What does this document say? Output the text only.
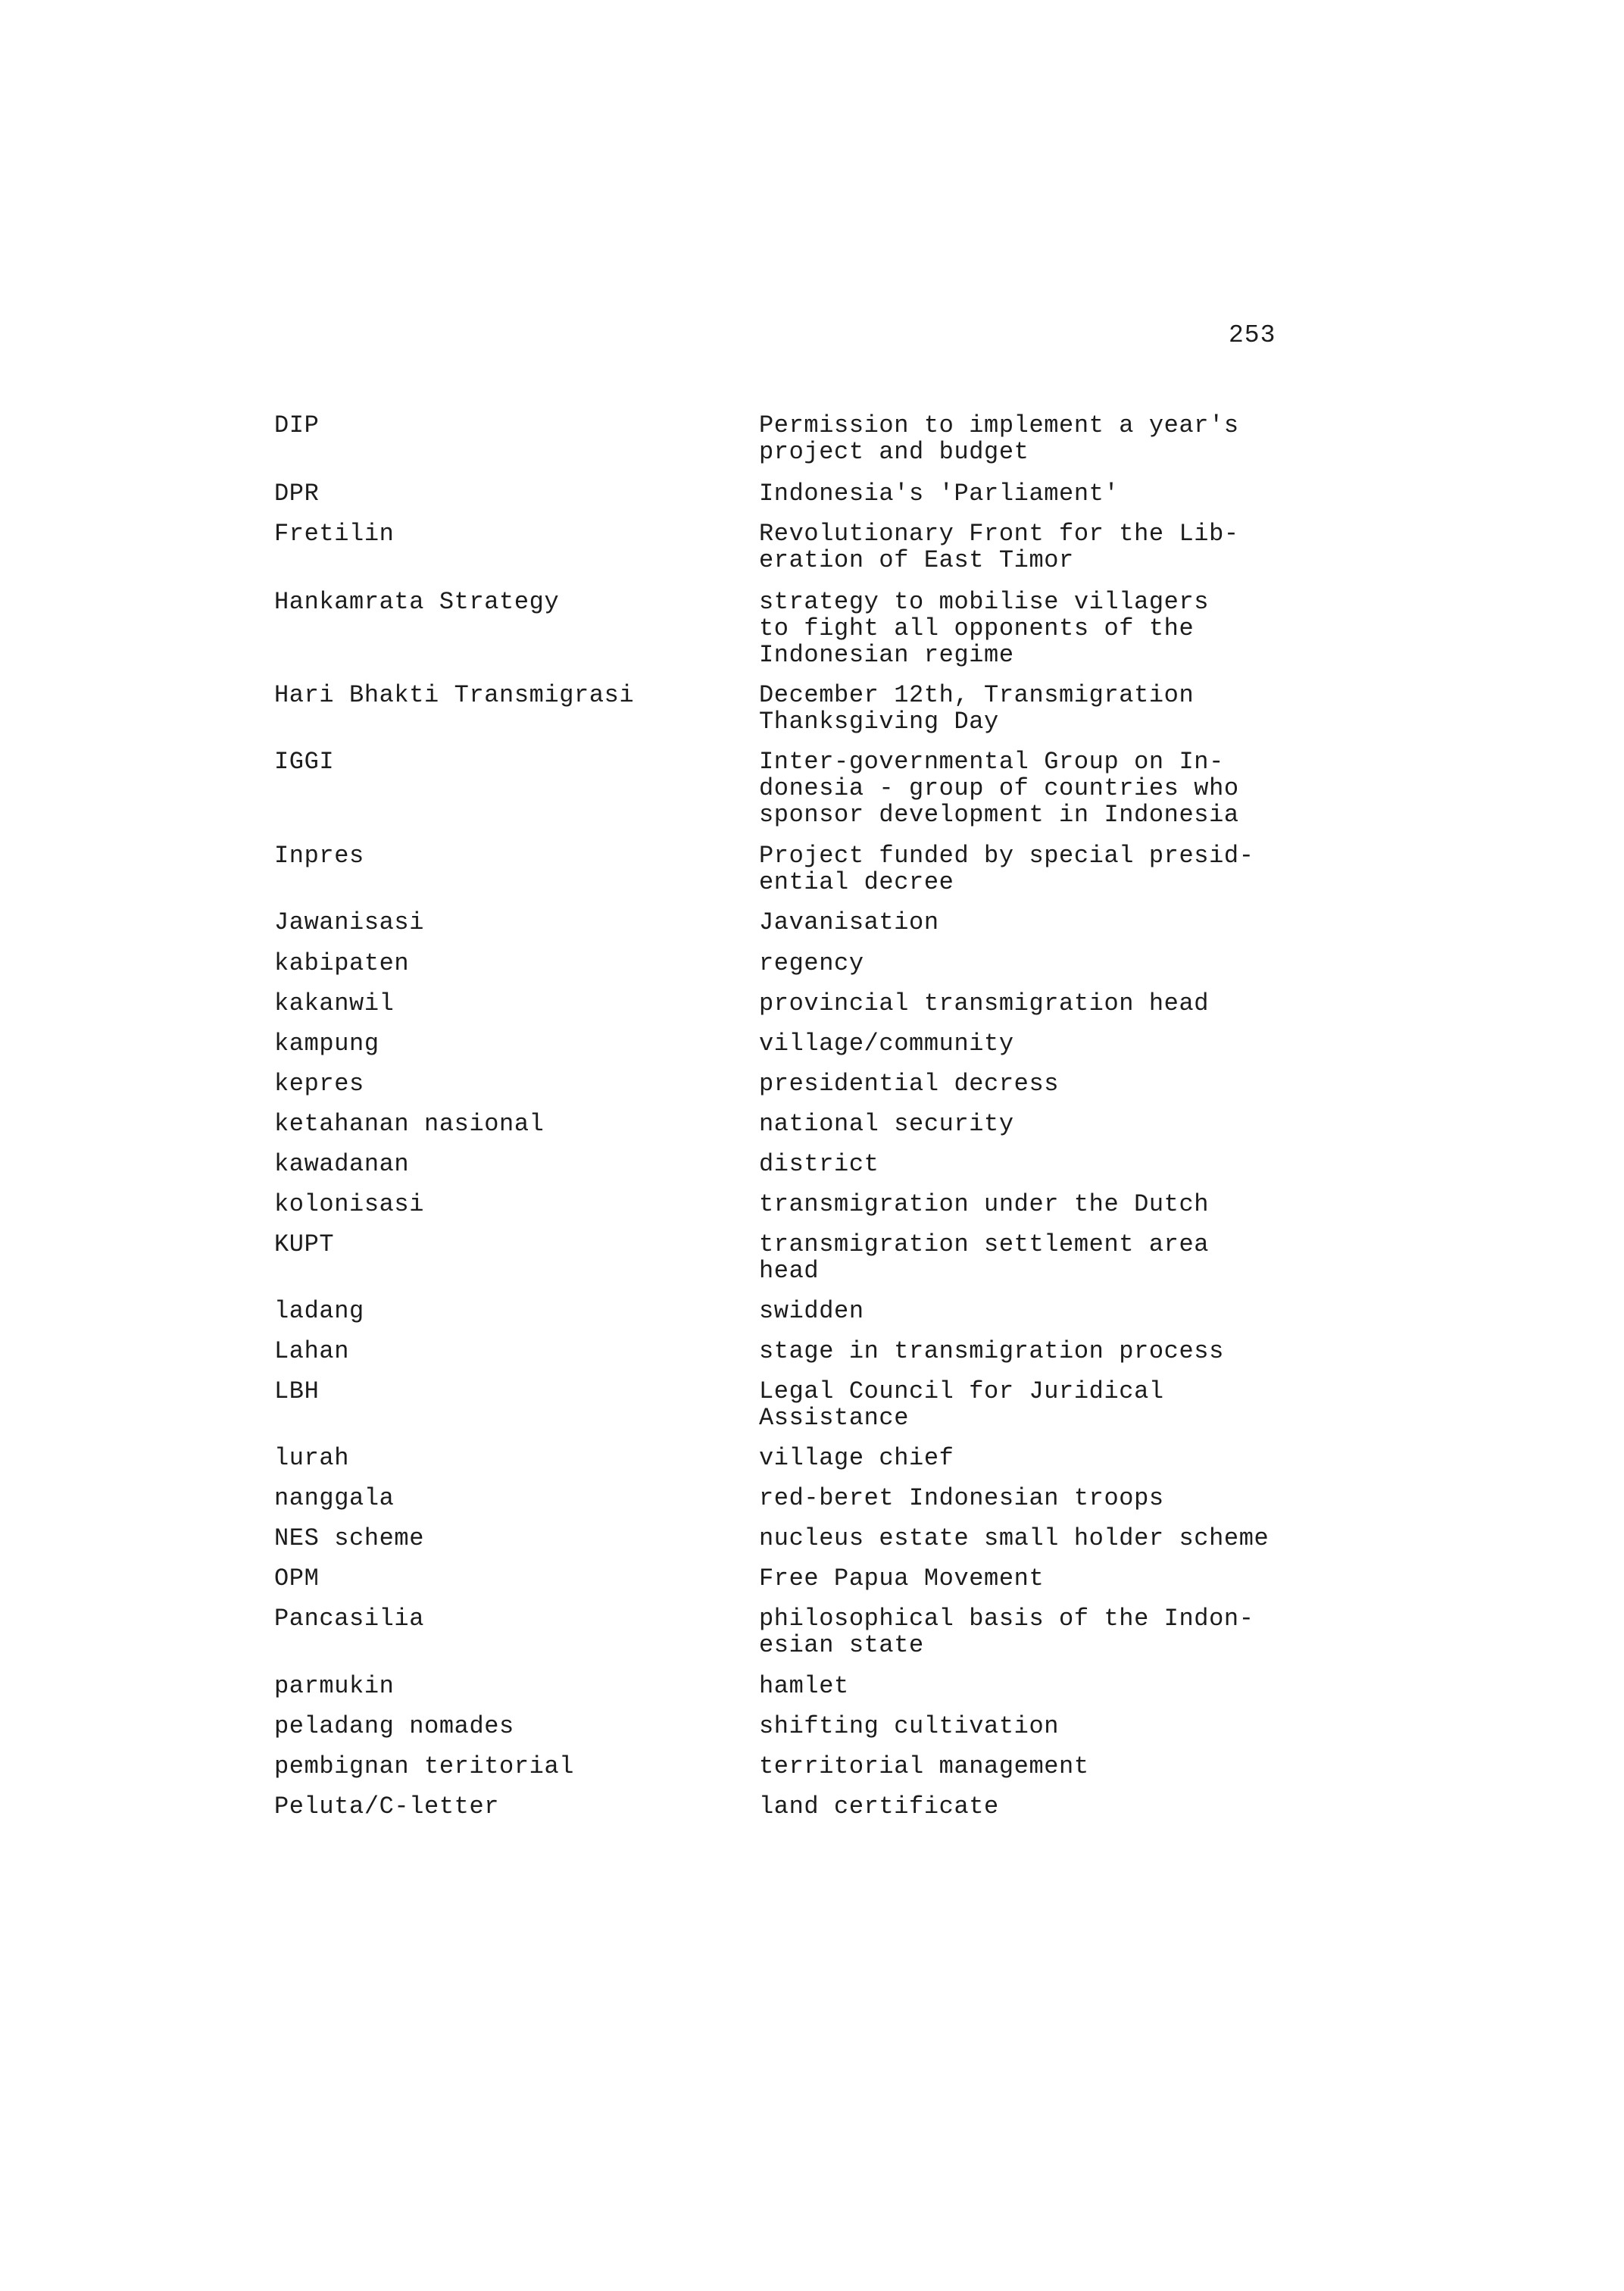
253
DIP	Permission to implement a year's
project and budget
DPR	Indonesia's 'Parliament'
Fretilin	Revolutionary Front for the Lib-
eration of East Timor
Hankamrata Strategy	strategy to mobilise villagers
to fight all opponents of the
Indonesian regime
Hari Bhakti Transmigrasi	December 12th, Transmigration
Thanksgiving Day
IGGI	Inter-governmental Group on In-
donesia - group of countries who
sponsor development in Indonesia
Inpres	Project funded by special presid-
ential decree
Jawanisasi	Javanisation
kabipaten	regency
kakanwil	provincial transmigration head
kampung	village/community
kepres	presidential decress
ketahanan nasional	national security
kawadanan	district
kolonisasi	transmigration under the Dutch
KUPT	transmigration settlement area
head
ladang	swidden
Lahan	stage in transmigration process
LBH	Legal Council for Juridical
Assistance
lurah	village chief
nanggala	red-beret Indonesian troops
NES scheme	nucleus estate small holder scheme
OPM	Free Papua Movement
Pancasilia	philosophical basis of the Indon-
esian state
parmukin	hamlet
peladang nomades	shifting cultivation
pembignan teritorial	territorial management
Peluta/C-letter	land certificate
